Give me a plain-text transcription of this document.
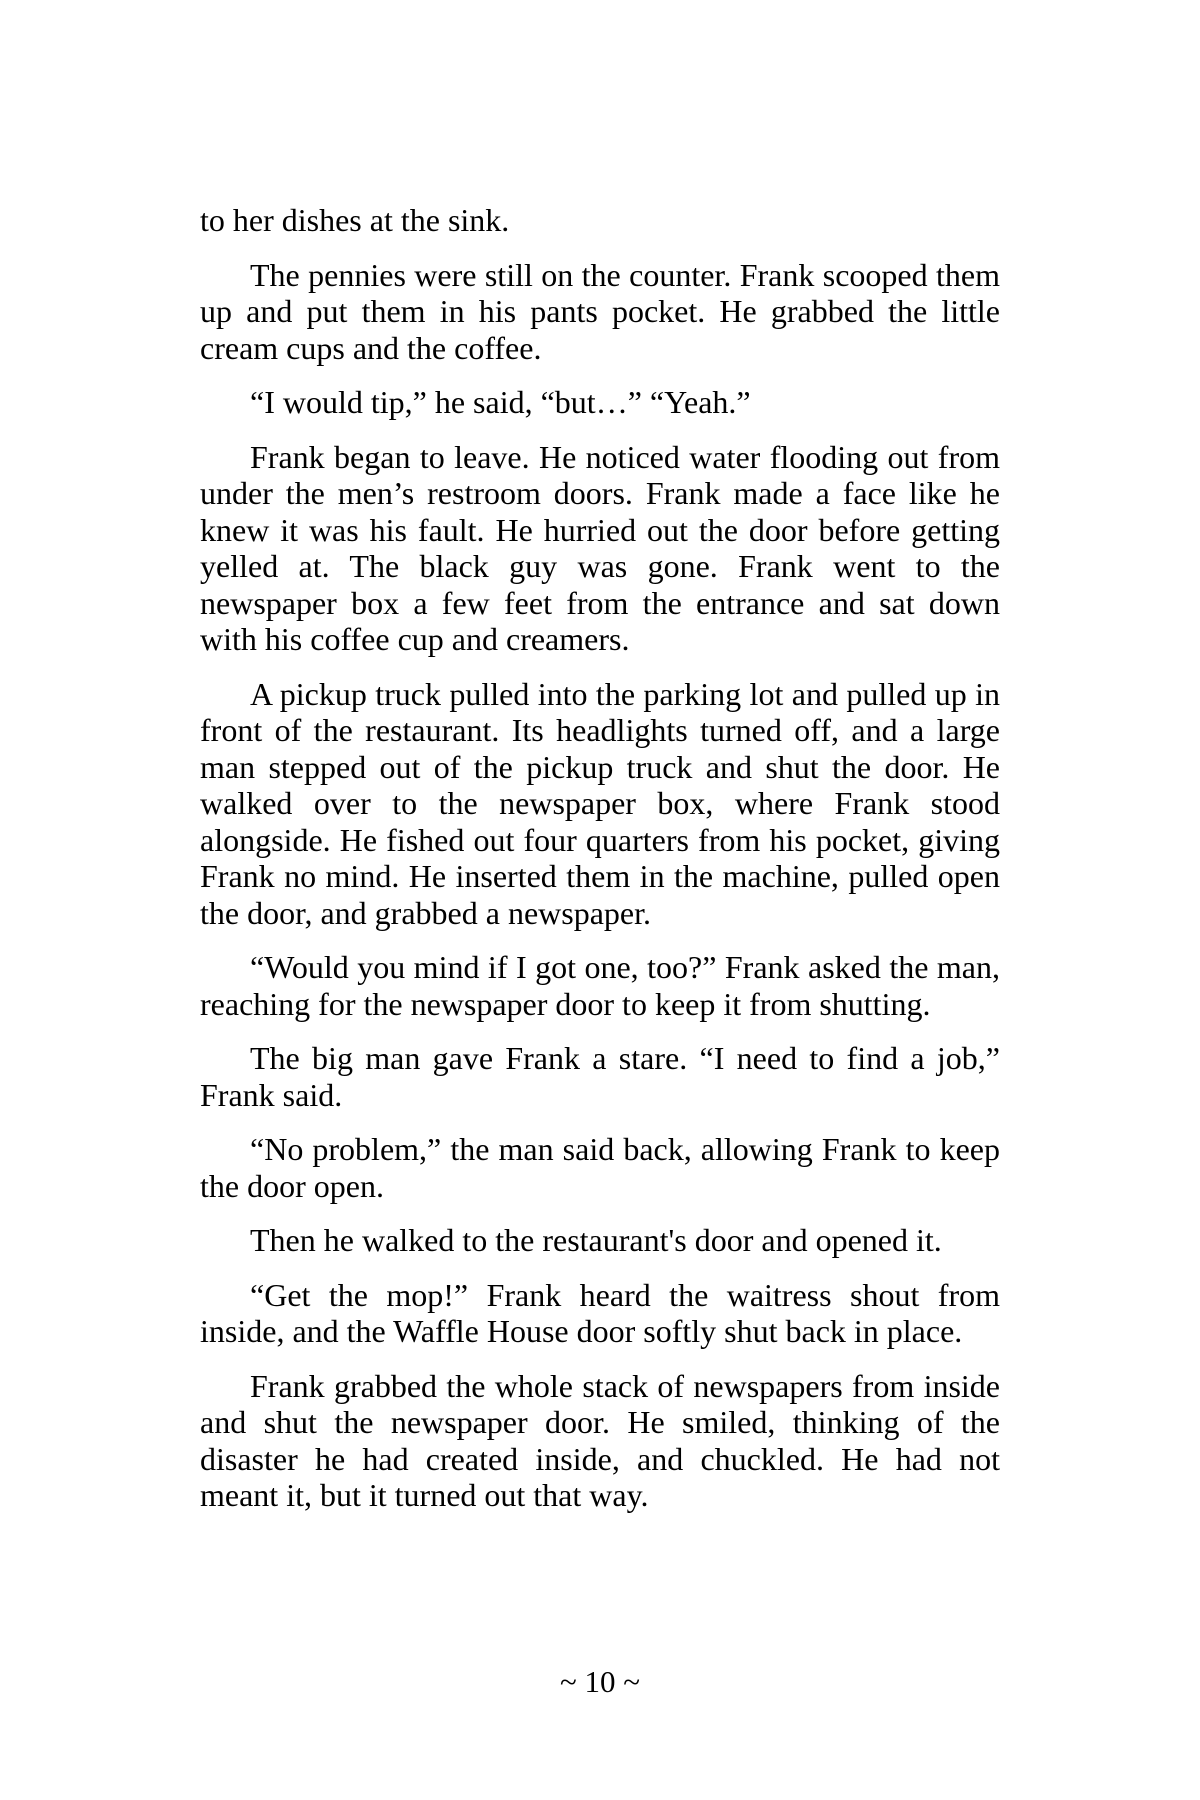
to her dishes at the sink.

The pennies were still on the counter. Frank scooped them up and put them in his pants pocket. He grabbed the little cream cups and the coffee.

“I would tip,” he said, “but…” “Yeah.”

Frank began to leave. He noticed water flooding out from under the men’s restroom doors. Frank made a face like he knew it was his fault. He hurried out the door before getting yelled at. The black guy was gone. Frank went to the newspaper box a few feet from the entrance and sat down with his coffee cup and creamers.

A pickup truck pulled into the parking lot and pulled up in front of the restaurant. Its headlights turned off, and a large man stepped out of the pickup truck and shut the door. He walked over to the newspaper box, where Frank stood alongside. He fished out four quarters from his pocket, giving Frank no mind. He inserted them in the machine, pulled open the door, and grabbed a newspaper.

“Would you mind if I got one, too?” Frank asked the man, reaching for the newspaper door to keep it from shutting.

The big man gave Frank a stare. “I need to find a job,” Frank said.

“No problem,” the man said back, allowing Frank to keep the door open.

Then he walked to the restaurant's door and opened it.

“Get the mop!” Frank heard the waitress shout from inside, and the Waffle House door softly shut back in place.

Frank grabbed the whole stack of newspapers from inside and shut the newspaper door. He smiled, thinking of the disaster he had created inside, and chuckled. He had not meant it, but it turned out that way.

~ 10 ~
